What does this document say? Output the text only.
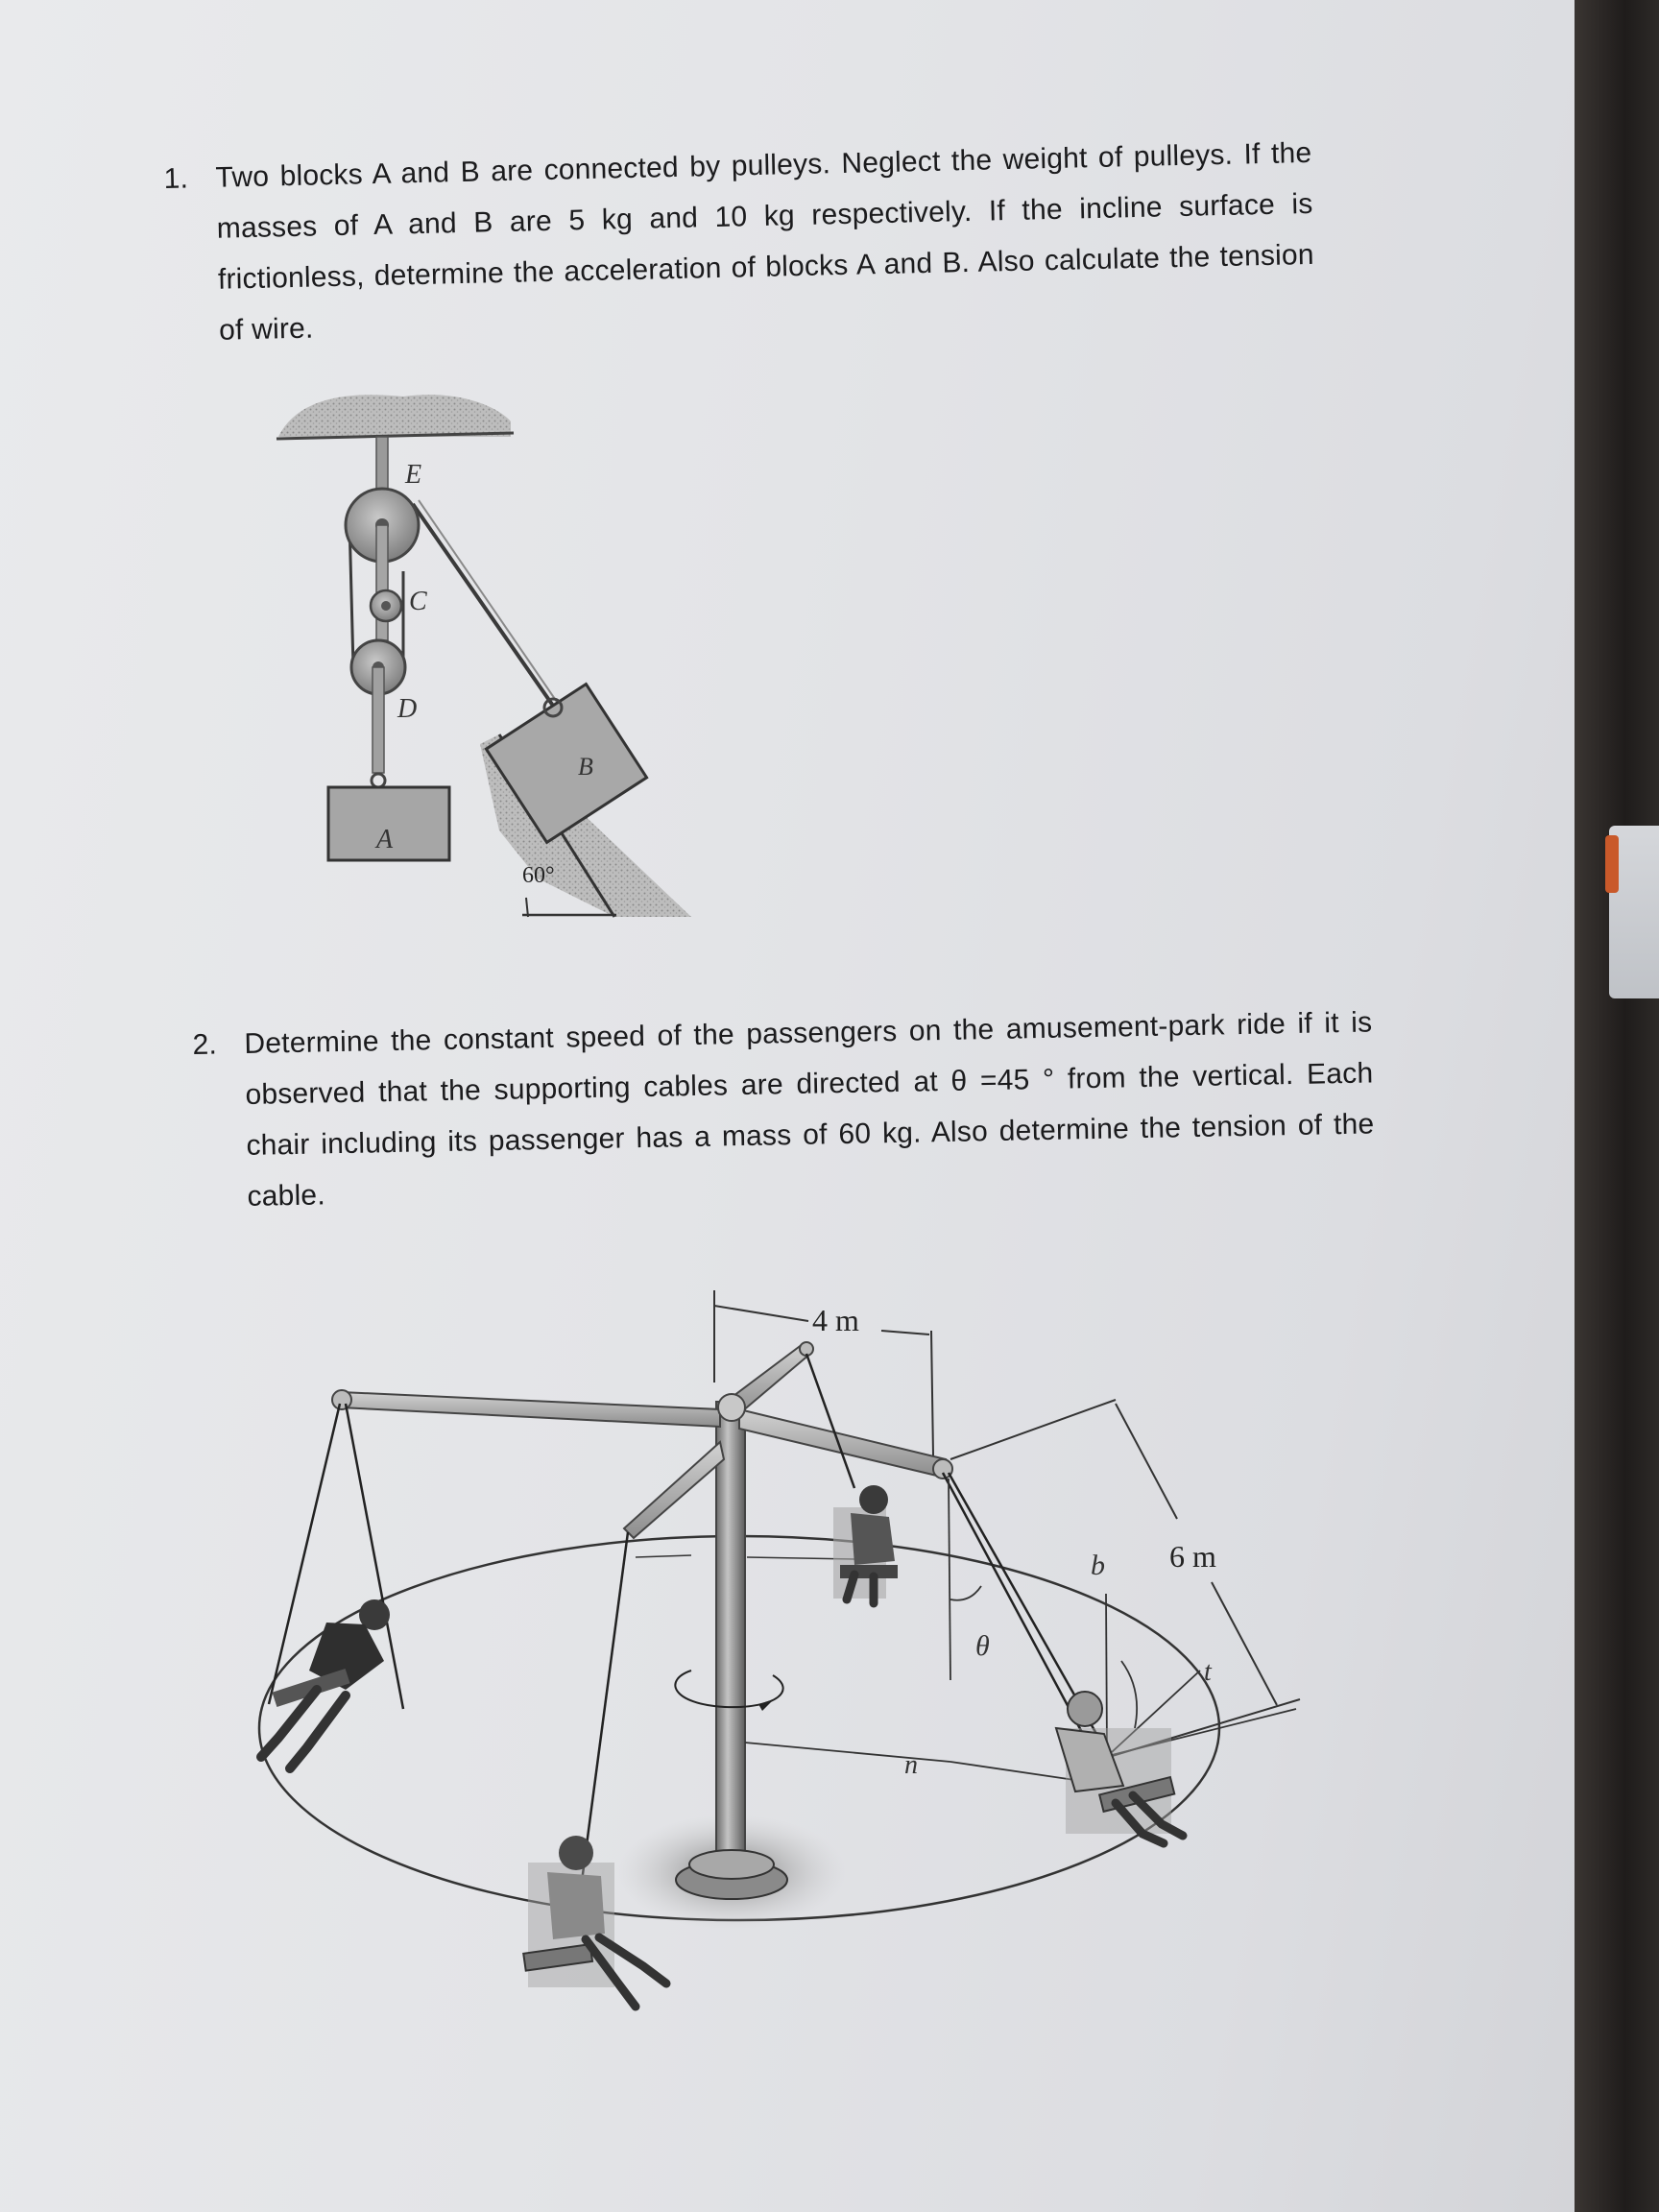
1. Two blocks A and B are connected by pulleys. Neglect the weight of pulleys. If the masses of A and B are 5 kg and 10 kg respectively. If the incline surface is frictionless, determine the acceleration of blocks A and B. Also calculate the tension of wire.
E
C
D
A
B
60°
2. Determine the constant speed of the passengers on the amusement-park ride if it is observed that the supporting cables are directed at θ =45 ° from the vertical. Each chair including its passenger has a mass of 60 kg. Also determine the tension of the cable.
4 m
6 m
b
t
n
θ
